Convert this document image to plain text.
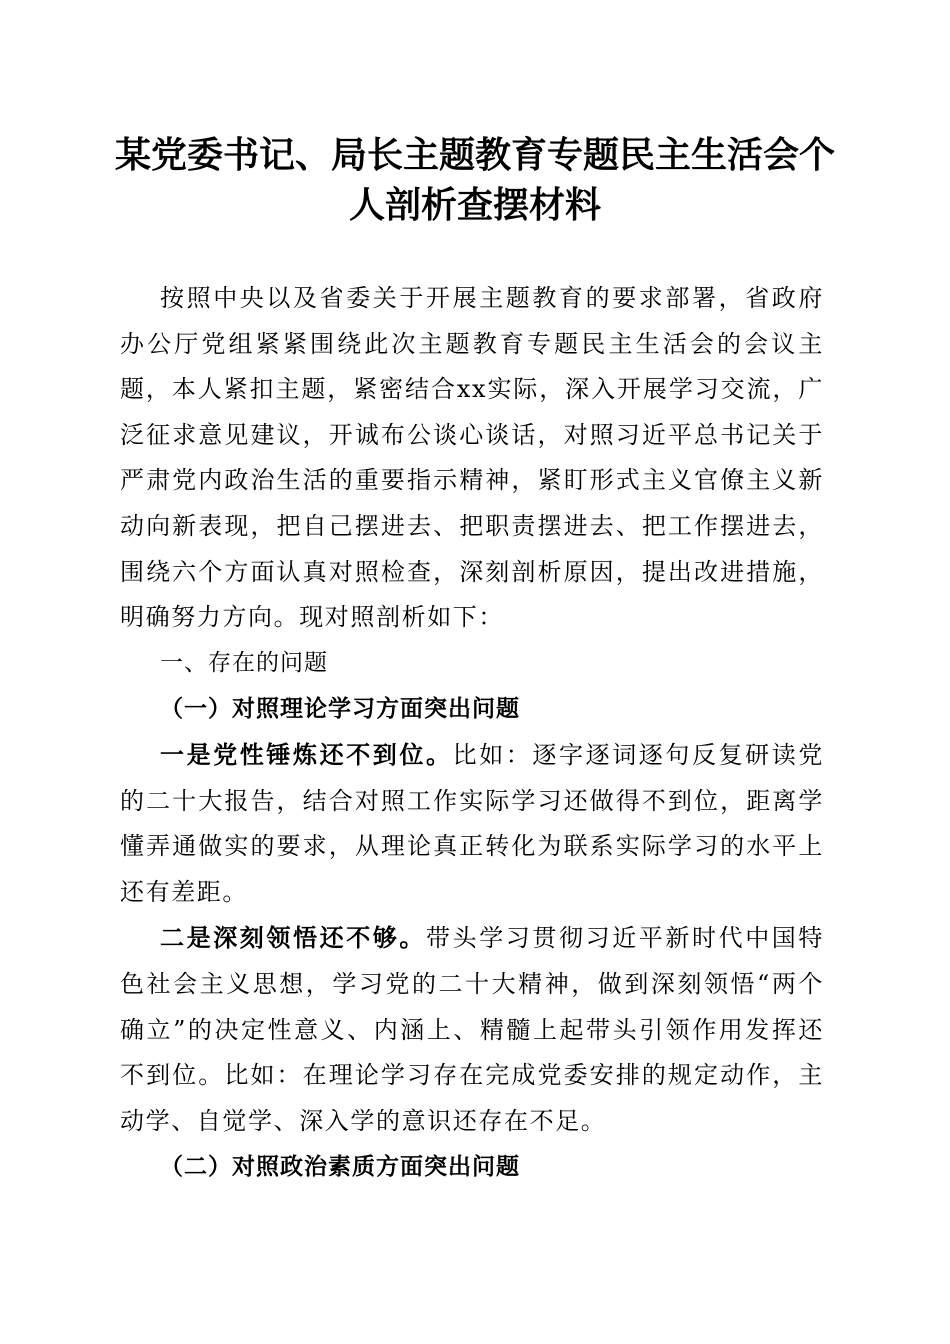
某党委书记、局长主题教育专题民主生活会个
人剖析查摆材料

按照中央以及省委关于开展主题教育的要求部署，省政府办公厅党组紧紧围绕此次主题教育专题民主生活会的会议主题，本人紧扣主题，紧密结合xx实际，深入开展学习交流，广泛征求意见建议，开诚布公谈心谈话，对照习近平总书记关于严肃党内政治生活的重要指示精神，紧盯形式主义官僚主义新动向新表现，把自己摆进去、把职责摆进去、把工作摆进去，围绕六个方面认真对照检查，深刻剖析原因，提出改进措施，明确努力方向。现对照剖析如下：

一、存在的问题

（一）对照理论学习方面突出问题

一是党性锤炼还不到位。比如：逐字逐词逐句反复研读党的二十大报告，结合对照工作实际学习还做得不到位，距离学懂弄通做实的要求，从理论真正转化为联系实际学习的水平上还有差距。

二是深刻领悟还不够。带头学习贯彻习近平新时代中国特色社会主义思想，学习党的二十大精神，做到深刻领悟“两个确立”的决定性意义、内涵上、精髓上起带头引领作用发挥还不到位。比如：在理论学习存在完成党委安排的规定动作，主动学、自觉学、深入学的意识还存在不足。

（二）对照政治素质方面突出问题
